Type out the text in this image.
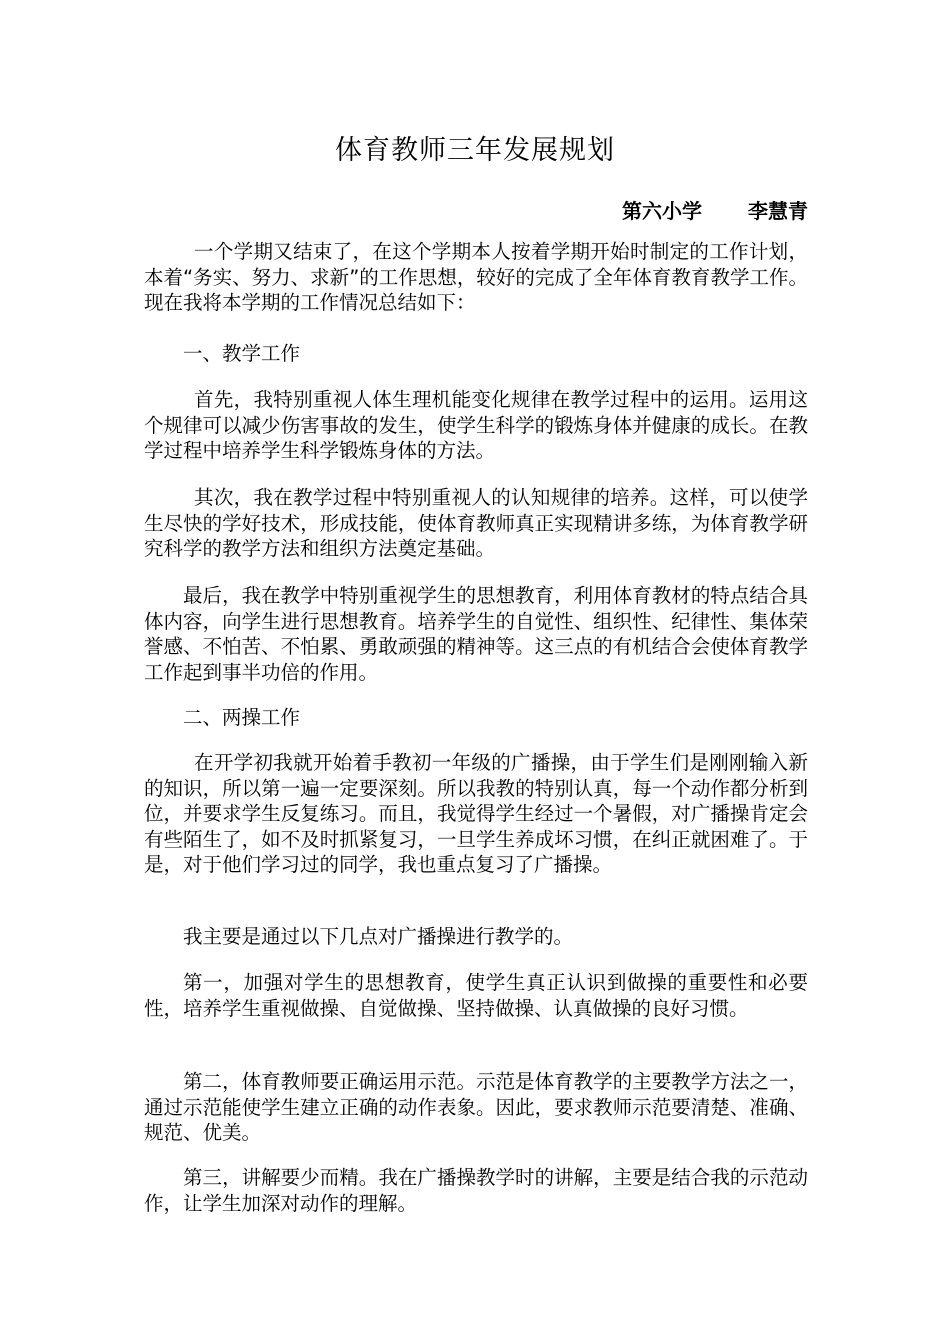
体育教师三年发展规划
第六小学 李慧青

一个学期又结束了，在这个学期本人按着学期开始时制定的工作计划，本着“务实、努力、求新”的工作思想，较好的完成了全年体育教育教学工作。现在我将本学期的工作情况总结如下：

一、教学工作

首先，我特别重视人体生理机能变化规律在教学过程中的运用。运用这个规律可以减少伤害事故的发生，使学生科学的锻炼身体并健康的成长。在教学过程中培养学生科学锻炼身体的方法。

其次，我在教学过程中特别重视人的认知规律的培养。这样，可以使学生尽快的学好技术，形成技能，使体育教师真正实现精讲多练，为体育教学研究科学的教学方法和组织方法奠定基础。

最后，我在教学中特别重视学生的思想教育，利用体育教材的特点结合具体内容，向学生进行思想教育。培养学生的自觉性、组织性、纪律性、集体荣誉感、不怕苦、不怕累、勇敢顽强的精神等。这三点的有机结合会使体育教学工作起到事半功倍的作用。

二、两操工作

在开学初我就开始着手教初一年级的广播操，由于学生们是刚刚输入新的知识，所以第一遍一定要深刻。所以我教的特别认真，每一个动作都分析到位，并要求学生反复练习。而且，我觉得学生经过一个暑假，对广播操肯定会有些陌生了，如不及时抓紧复习，一旦学生养成坏习惯，在纠正就困难了。于是，对于他们学习过的同学，我也重点复习了广播操。

我主要是通过以下几点对广播操进行教学的。

第一，加强对学生的思想教育，使学生真正认识到做操的重要性和必要性，培养学生重视做操、自觉做操、坚持做操、认真做操的良好习惯。

第二，体育教师要正确运用示范。示范是体育教学的主要教学方法之一，通过示范能使学生建立正确的动作表象。因此，要求教师示范要清楚、准确、规范、优美。

第三，讲解要少而精。我在广播操教学时的讲解，主要是结合我的示范动作，让学生加深对动作的理解。
